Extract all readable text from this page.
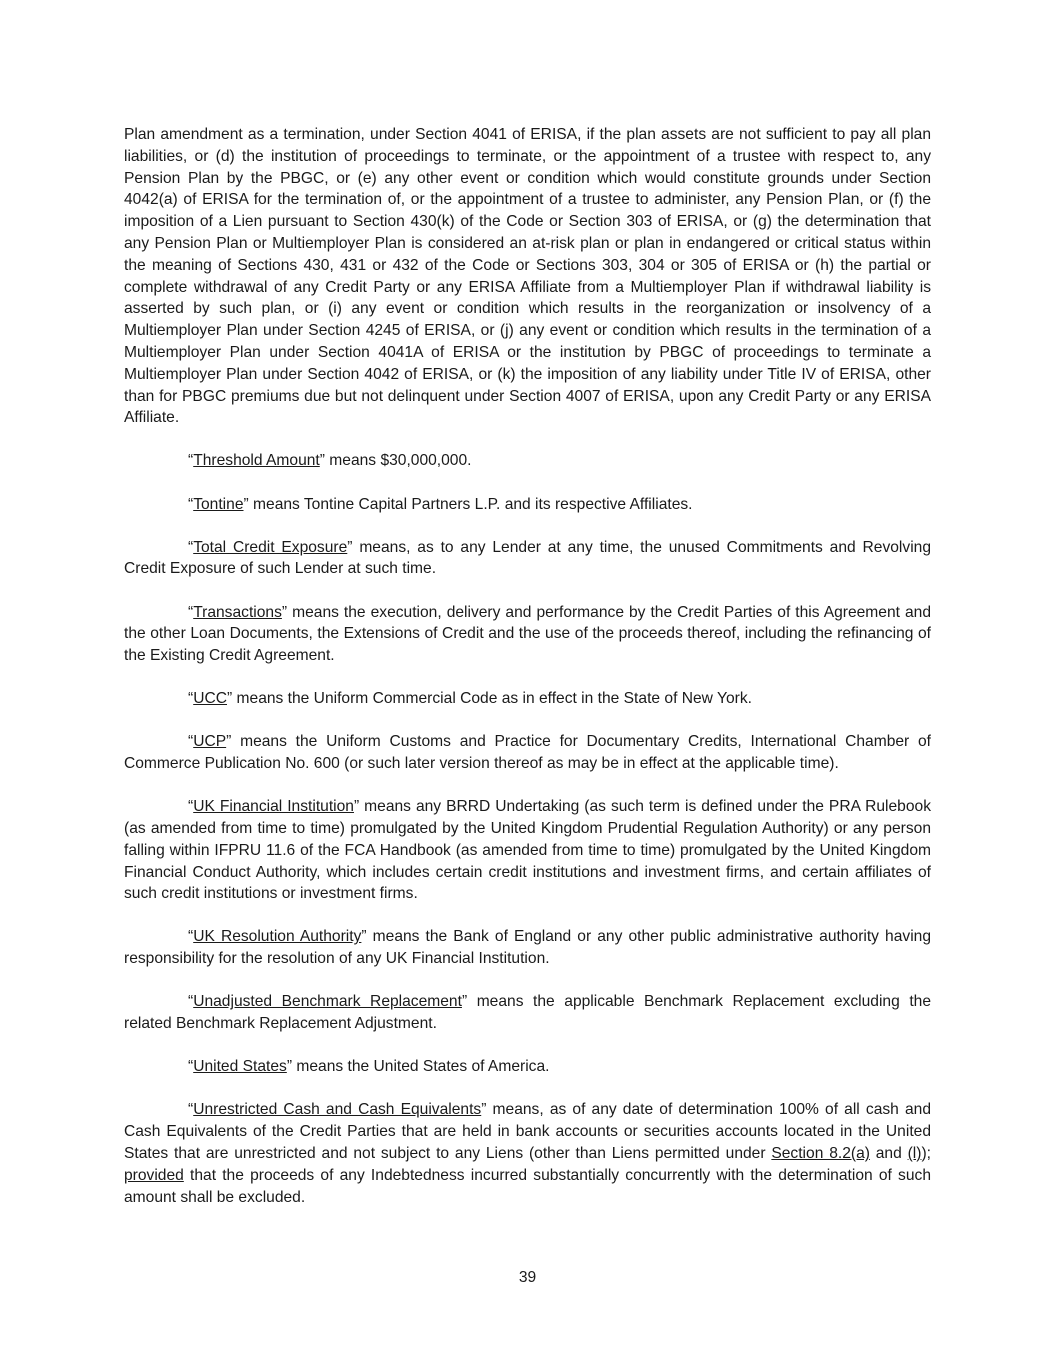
Plan amendment as a termination, under Section 4041 of ERISA, if the plan assets are not sufficient to pay all plan liabilities, or (d) the institution of proceedings to terminate, or the appointment of a trustee with respect to, any Pension Plan by the PBGC, or (e) any other event or condition which would constitute grounds under Section 4042(a) of ERISA for the termination of, or the appointment of a trustee to administer, any Pension Plan, or (f) the imposition of a Lien pursuant to Section 430(k) of the Code or Section 303 of ERISA, or (g) the determination that any Pension Plan or Multiemployer Plan is considered an at-risk plan or plan in endangered or critical status within the meaning of Sections 430, 431 or 432 of the Code or Sections 303, 304 or 305 of ERISA or (h) the partial or complete withdrawal of any Credit Party or any ERISA Affiliate from a Multiemployer Plan if withdrawal liability is asserted by such plan, or (i) any event or condition which results in the reorganization or insolvency of a Multiemployer Plan under Section 4245 of ERISA, or (j) any event or condition which results in the termination of a Multiemployer Plan under Section 4041A of ERISA or the institution by PBGC of proceedings to terminate a Multiemployer Plan under Section 4042 of ERISA, or (k) the imposition of any liability under Title IV of ERISA, other than for PBGC premiums due but not delinquent under Section 4007 of ERISA, upon any Credit Party or any ERISA Affiliate.

“Threshold Amount” means $30,000,000.

“Tontine” means Tontine Capital Partners L.P. and its respective Affiliates.

“Total Credit Exposure” means, as to any Lender at any time, the unused Commitments and Revolving Credit Exposure of such Lender at such time.

“Transactions” means the execution, delivery and performance by the Credit Parties of this Agreement and the other Loan Documents, the Extensions of Credit and the use of the proceeds thereof, including the refinancing of the Existing Credit Agreement.

“UCC” means the Uniform Commercial Code as in effect in the State of New York.

“UCP” means the Uniform Customs and Practice for Documentary Credits, International Chamber of Commerce Publication No. 600 (or such later version thereof as may be in effect at the applicable time).

“UK Financial Institution” means any BRRD Undertaking (as such term is defined under the PRA Rulebook (as amended from time to time) promulgated by the United Kingdom Prudential Regulation Authority) or any person falling within IFPRU 11.6 of the FCA Handbook (as amended from time to time) promulgated by the United Kingdom Financial Conduct Authority, which includes certain credit institutions and investment firms, and certain affiliates of such credit institutions or investment firms.

“UK Resolution Authority” means the Bank of England or any other public administrative authority having responsibility for the resolution of any UK Financial Institution.

“Unadjusted Benchmark Replacement” means the applicable Benchmark Replacement excluding the related Benchmark Replacement Adjustment.

“United States” means the United States of America.

“Unrestricted Cash and Cash Equivalents” means, as of any date of determination 100% of all cash and Cash Equivalents of the Credit Parties that are held in bank accounts or securities accounts located in the United States that are unrestricted and not subject to any Liens (other than Liens permitted under Section 8.2(a) and (l)); provided that the proceeds of any Indebtedness incurred substantially concurrently with the determination of such amount shall be excluded.

39
